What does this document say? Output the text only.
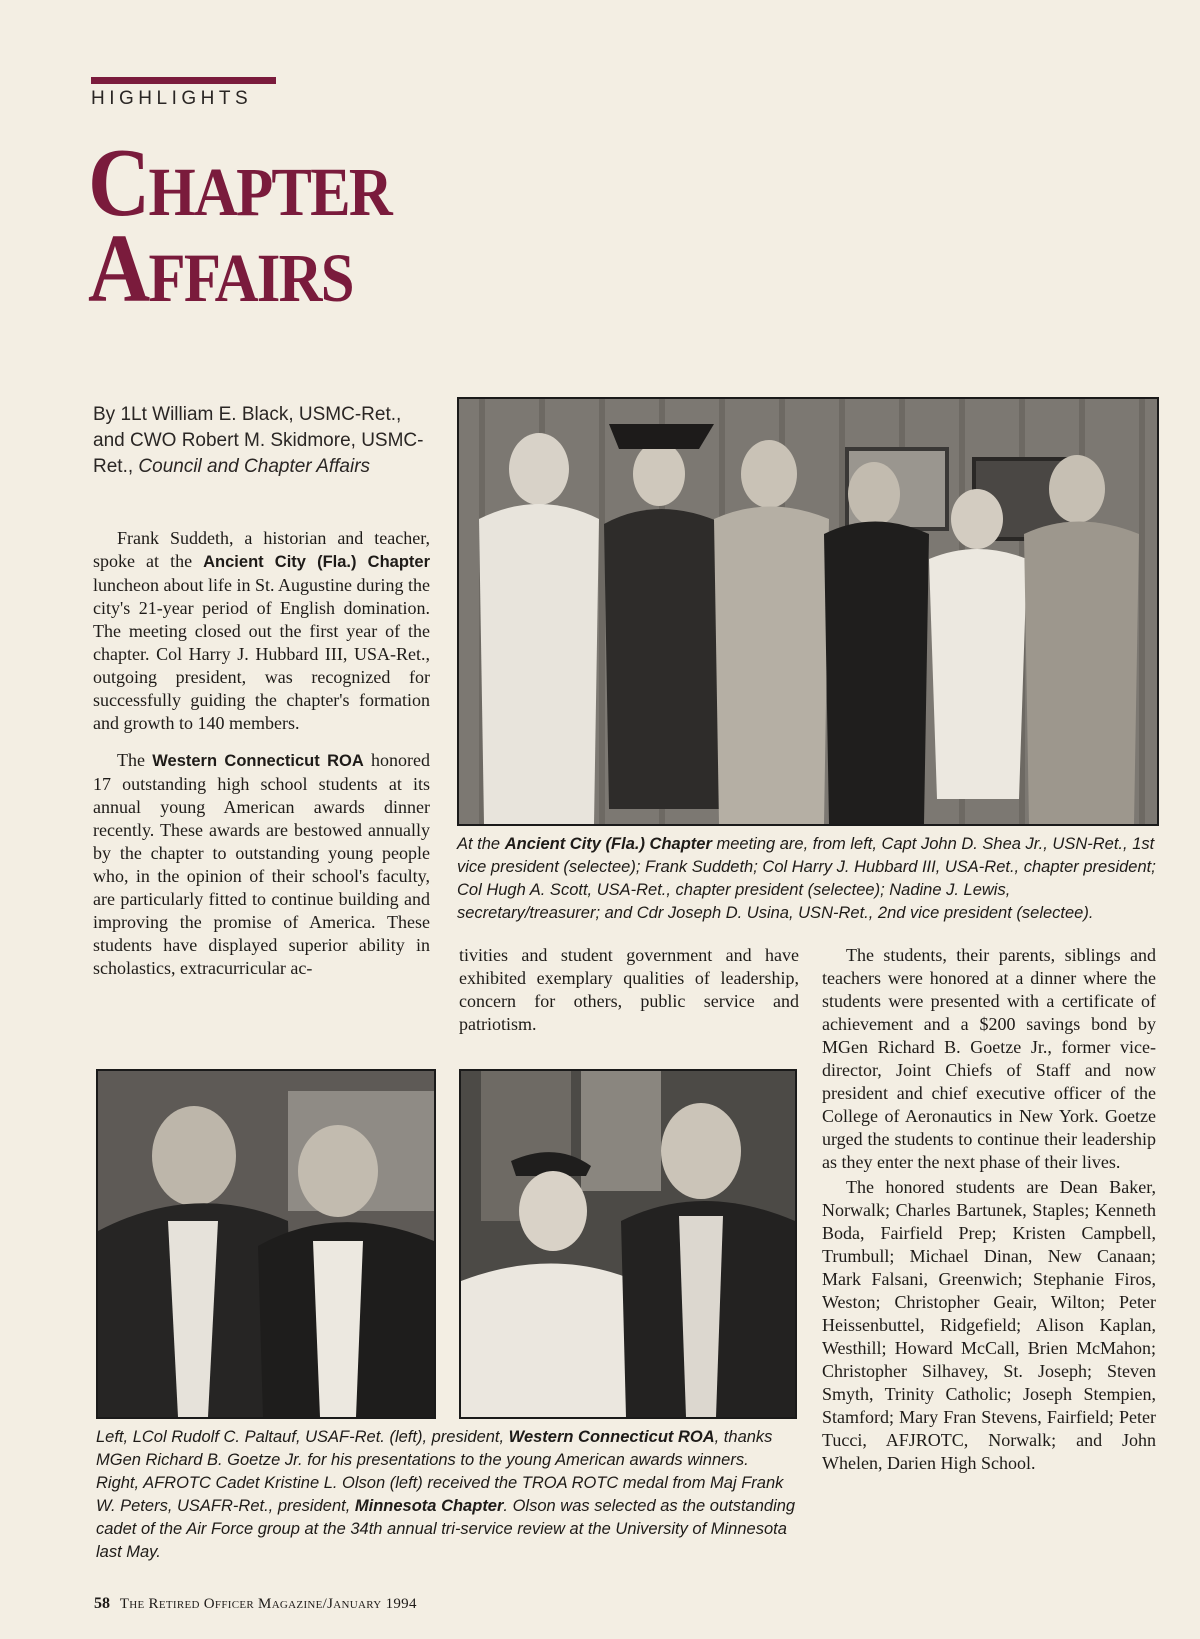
HIGHLIGHTS
Chapter
Affairs
By 1Lt William E. Black, USMC-Ret., and CWO Robert M. Skidmore, USMC-Ret., Council and Chapter Affairs

Frank Suddeth, a historian and teacher, spoke at the Ancient City (Fla.) Chapter luncheon about life in St. Augustine during the city's 21-year period of English domination. The meeting closed out the first year of the chapter. Col Harry J. Hubbard III, USA-Ret., outgoing president, was recognized for successfully guiding the chapter's formation and growth to 140 members.

The Western Connecticut ROA honored 17 outstanding high school students at its annual young American awards dinner recently. These awards are bestowed annually by the chapter to outstanding young people who, in the opinion of their school's faculty, are particularly fitted to continue building and improving the promise of America. These students have displayed superior ability in scholastics, extracurricular ac-

At the Ancient City (Fla.) Chapter meeting are, from left, Capt John D. Shea Jr., USN-Ret., 1st vice president (selectee); Frank Suddeth; Col Harry J. Hubbard III, USA-Ret., chapter president; Col Hugh A. Scott, USA-Ret., chapter president (selectee); Nadine J. Lewis, secretary/treasurer; and Cdr Joseph D. Usina, USN-Ret., 2nd vice president (selectee).

tivities and student government and have exhibited exemplary qualities of leadership, concern for others, public service and patriotism.

The students, their parents, siblings and teachers were honored at a dinner where the students were presented with a certificate of achievement and a $200 savings bond by MGen Richard B. Goetze Jr., former vice-director, Joint Chiefs of Staff and now president and chief executive officer of the College of Aeronautics in New York. Goetze urged the students to continue their leadership as they enter the next phase of their lives.

The honored students are Dean Baker, Norwalk; Charles Bartunek, Staples; Kenneth Boda, Fairfield Prep; Kristen Campbell, Trumbull; Michael Dinan, New Canaan; Mark Falsani, Greenwich; Stephanie Firos, Weston; Christopher Geair, Wilton; Peter Heissenbuttel, Ridgefield; Alison Kaplan, Westhill; Howard McCall, Brien McMahon; Christopher Silhavey, St. Joseph; Steven Smyth, Trinity Catholic; Joseph Stempien, Stamford; Mary Fran Stevens, Fairfield; Peter Tucci, AFJROTC, Norwalk; and John Whelen, Darien High School.

Left, LCol Rudolf C. Paltauf, USAF-Ret. (left), president, Western Connecticut ROA, thanks MGen Richard B. Goetze Jr. for his presentations to the young American awards winners. Right, AFROTC Cadet Kristine L. Olson (left) received the TROA ROTC medal from Maj Frank W. Peters, USAFR-Ret., president, Minnesota Chapter. Olson was selected as the outstanding cadet of the Air Force group at the 34th annual tri-service review at the University of Minnesota last May.
58 The Retired Officer Magazine/January 1994
